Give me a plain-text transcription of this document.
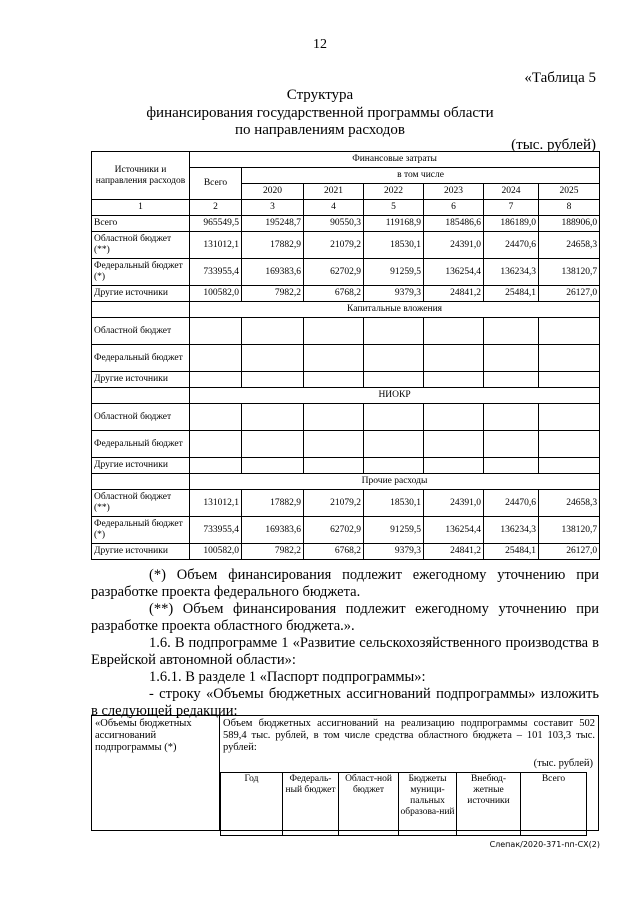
12
«Таблица 5
Структура
финансирования государственной программы области
по направлениям расходов
(тыс. рублей)
Источники и направления расходов	Финансовые затраты						
	Всего	в том числе					
		2020	2021	2022	2023	2024	2025
1	2	3	4	5	6	7	8
Всего	965549,5	195248,7	90550,3	119168,9	185486,6	186189,0	188906,0
Областной бюджет (**)	131012,1	17882,9	21079,2	18530,1	24391,0	24470,6	24658,3
Федеральный бюджет (*)	733955,4	169383,6	62702,9	91259,5	136254,4	136234,3	138120,7
Другие источники	100582,0	7982,2	6768,2	9379,3	24841,2	25484,1	26127,0
	Капитальные вложения						
Областной бюджет							
Федеральный бюджет							
Другие источники							
	НИОКР						
Областной бюджет							
Федеральный бюджет							
Другие источники							
	Прочие расходы						
Областной бюджет (**)	131012,1	17882,9	21079,2	18530,1	24391,0	24470,6	24658,3
Федеральный бюджет (*)	733955,4	169383,6	62702,9	91259,5	136254,4	136234,3	138120,7
Другие источники	100582,0	7982,2	6768,2	9379,3	24841,2	25484,1	26127,0
(*) Объем финансирования подлежит ежегодному уточнению при разработке проекта федерального бюджета.
(**) Объем финансирования подлежит ежегодному уточнению при разработке проекта областного бюджета.».
1.6. В подпрограмме 1 «Развитие сельскохозяйственного производства в Еврейской автономной области»:
1.6.1. В разделе 1 «Паспорт подпрограммы»:
- строку «Объемы бюджетных ассигнований подпрограммы» изложить в следующей редакции:
«Объемы бюджетных ассигнований подпрограммы (*)	
Объем бюджетных ассигнований на реализацию подпрограммы составит 502 589,4 тыс. рублей, в том числе средства областного бюджета – 101 103,3 тыс. рублей:
(тыс. рублей)
Год	Федераль-ный бюджет	Област-ной бюджет	Бюджеты муници-пальных образова-ний	Внебюд-жетные источники	Всего
Слепак/2020-371-пп-СХ(2)
